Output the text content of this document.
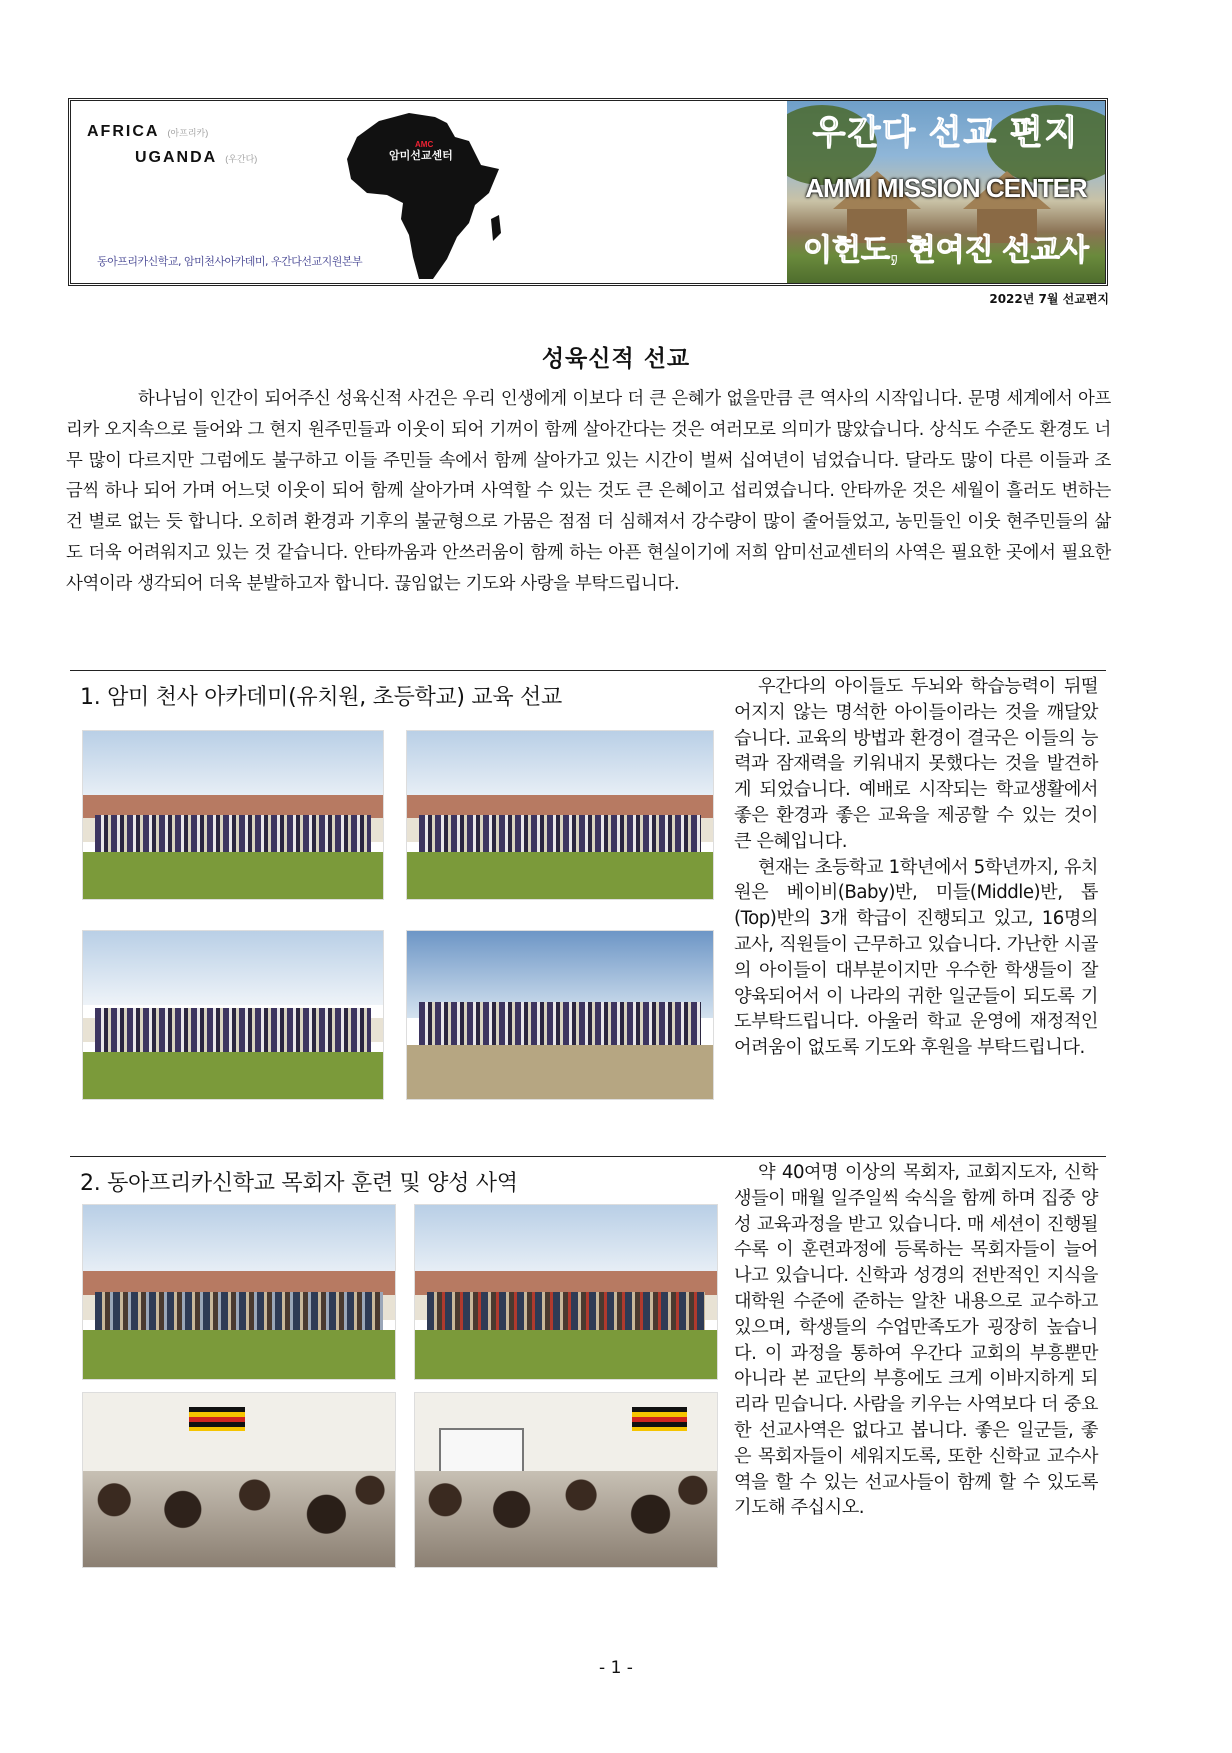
AFRICA (아프리카)
UGANDA (우간다)
AMC
암미선교센터
동아프리카신학교, 암미천사아카데미, 우간다선교지원본부
우간다 선교 편지
AMMI MISSION CENTER
이헌도, 현여진 선교사
2022년 7월 선교편지
성육신적 선교

하나님이 인간이 되어주신 성육신적 사건은 우리 인생에게 이보다 더 큰 은혜가 없을만큼 큰 역사의 시작입니다. 문명 세계에서 아프리카 오지속으로 들어와 그 현지 원주민들과 이웃이 되어 기꺼이 함께 살아간다는 것은 여러모로 의미가 많았습니다. 상식도 수준도 환경도 너무 많이 다르지만 그럼에도 불구하고 이들 주민들 속에서 함께 살아가고 있는 시간이 벌써 십여년이 넘었습니다. 달라도 많이 다른 이들과 조금씩 하나 되어 가며 어느덧 이웃이 되어 함께 살아가며 사역할 수 있는 것도 큰 은혜이고 섭리였습니다. 안타까운 것은 세월이 흘러도 변하는 건 별로 없는 듯 합니다. 오히려 환경과 기후의 불균형으로 가뭄은 점점 더 심해져서 강수량이 많이 줄어들었고, 농민들인 이웃 현주민들의 삶도 더욱 어려워지고 있는 것 같습니다. 안타까움과 안쓰러움이 함께 하는 아픈 현실이기에 저희 암미선교센터의 사역은 필요한 곳에서 필요한 사역이라 생각되어 더욱 분발하고자 합니다. 끊임없는 기도와 사랑을 부탁드립니다.

1. 암미 천사 아카데미(유치원, 초등학교) 교육 선교	우간다의 아이들도 두뇌와 학습능력이 뒤떨어지지 않는 명석한 아이들이라는 것을 깨달았습니다. 교육의 방법과 환경이 결국은 이들의 능력과 잠재력을 키워내지 못했다는 것을 발견하게 되었습니다. 예배로 시작되는 학교생활에서 좋은 환경과 좋은 교육을 제공할 수 있는 것이 큰 은혜입니다.

현재는 초등학교 1학년에서 5학년까지, 유치원은 베이비(Baby)반, 미들(Middle)반, 톱(Top)반의 3개 학급이 진행되고 있고, 16명의 교사, 직원들이 근무하고 있습니다. 가난한 시골의 아이들이 대부분이지만 우수한 학생들이 잘 양육되어서 이 나라의 귀한 일군들이 되도록 기도부탁드립니다. 아울러 학교 운영에 재정적인 어려움이 없도록 기도와 후원을 부탁드립니다.

2. 동아프리카신학교 목회자 훈련 및 양성 사역	약 40여명 이상의 목회자, 교회지도자, 신학생들이 매월 일주일씩 숙식을 함께 하며 집중 양성 교육과정을 받고 있습니다. 매 세션이 진행될수록 이 훈련과정에 등록하는 목회자들이 늘어나고 있습니다. 신학과 성경의 전반적인 지식을 대학원 수준에 준하는 알찬 내용으로 교수하고 있으며, 학생들의 수업만족도가 굉장히 높습니다. 이 과정을 통하여 우간다 교회의 부흥뿐만 아니라 본 교단의 부흥에도 크게 이바지하게 되리라 믿습니다. 사람을 키우는 사역보다 더 중요한 선교사역은 없다고 봅니다. 좋은 일군들, 좋은 목회자들이 세워지도록, 또한 신학교 교수사역을 할 수 있는 선교사들이 함께 할 수 있도록 기도해 주십시오.

- 1 -
